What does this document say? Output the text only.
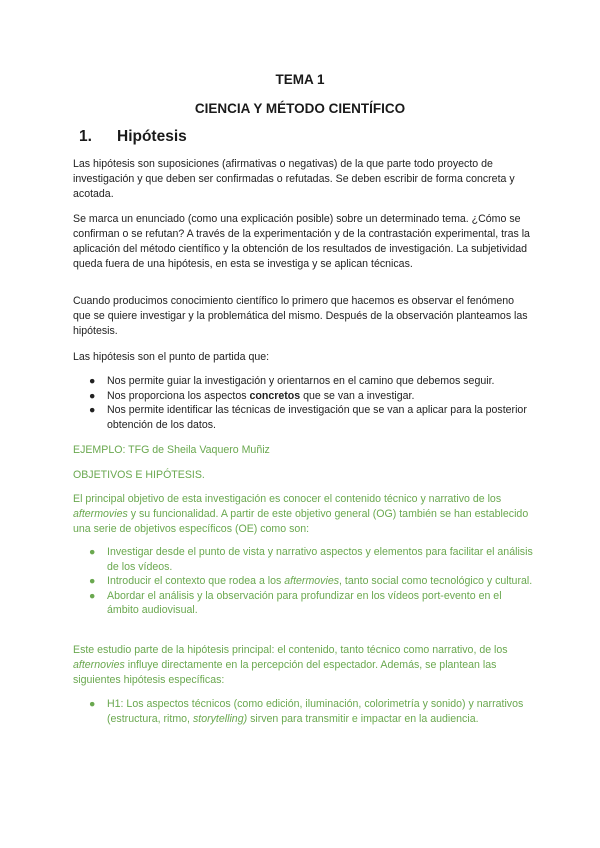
TEMA 1
CIENCIA Y MÉTODO CIENTÍFICO
1. Hipótesis

Las hipótesis son suposiciones (afirmativas o negativas) de la que parte todo proyecto de investigación y que deben ser confirmadas o refutadas. Se deben escribir de forma concreta y acotada.

Se marca un enunciado (como una explicación posible) sobre un determinado tema. ¿Cómo se confirman o se refutan? A través de la experimentación y de la contrastación experimental, tras la aplicación del método científico y la obtención de los resultados de investigación. La subjetividad queda fuera de una hipótesis, en esta se investiga y se aplican técnicas.

Cuando producimos conocimiento científico lo primero que hacemos es observar el fenómeno que se quiere investigar y la problemática del mismo. Después de la observación planteamos las hipótesis.

Las hipótesis son el punto de partida que:

● Nos permite guiar la investigación y orientarnos en el camino que debemos seguir.
● Nos proporciona los aspectos concretos que se van a investigar.
● Nos permite identificar las técnicas de investigación que se van a aplicar para la posterior obtención de los datos.

EJEMPLO: TFG de Sheila Vaquero Muñiz

OBJETIVOS E HIPÓTESIS.

El principal objetivo de esta investigación es conocer el contenido técnico y narrativo de los aftermovies y su funcionalidad. A partir de este objetivo general (OG) también se han establecido una serie de objetivos específicos (OE) como son:

● Investigar desde el punto de vista y narrativo aspectos y elementos para facilitar el análisis de los vídeos.
● Introducir el contexto que rodea a los aftermovies, tanto social como tecnológico y cultural.
● Abordar el análisis y la observación para profundizar en los vídeos port-evento en el ámbito audiovisual.

Este estudio parte de la hipótesis principal: el contenido, tanto técnico como narrativo, de los afternovies influye directamente en la percepción del espectador. Además, se plantean las siguientes hipótesis específicas:

● H1: Los aspectos técnicos (como edición, iluminación, colorimetría y sonido) y narrativos (estructura, ritmo, storytelling) sirven para transmitir e impactar en la audiencia.
